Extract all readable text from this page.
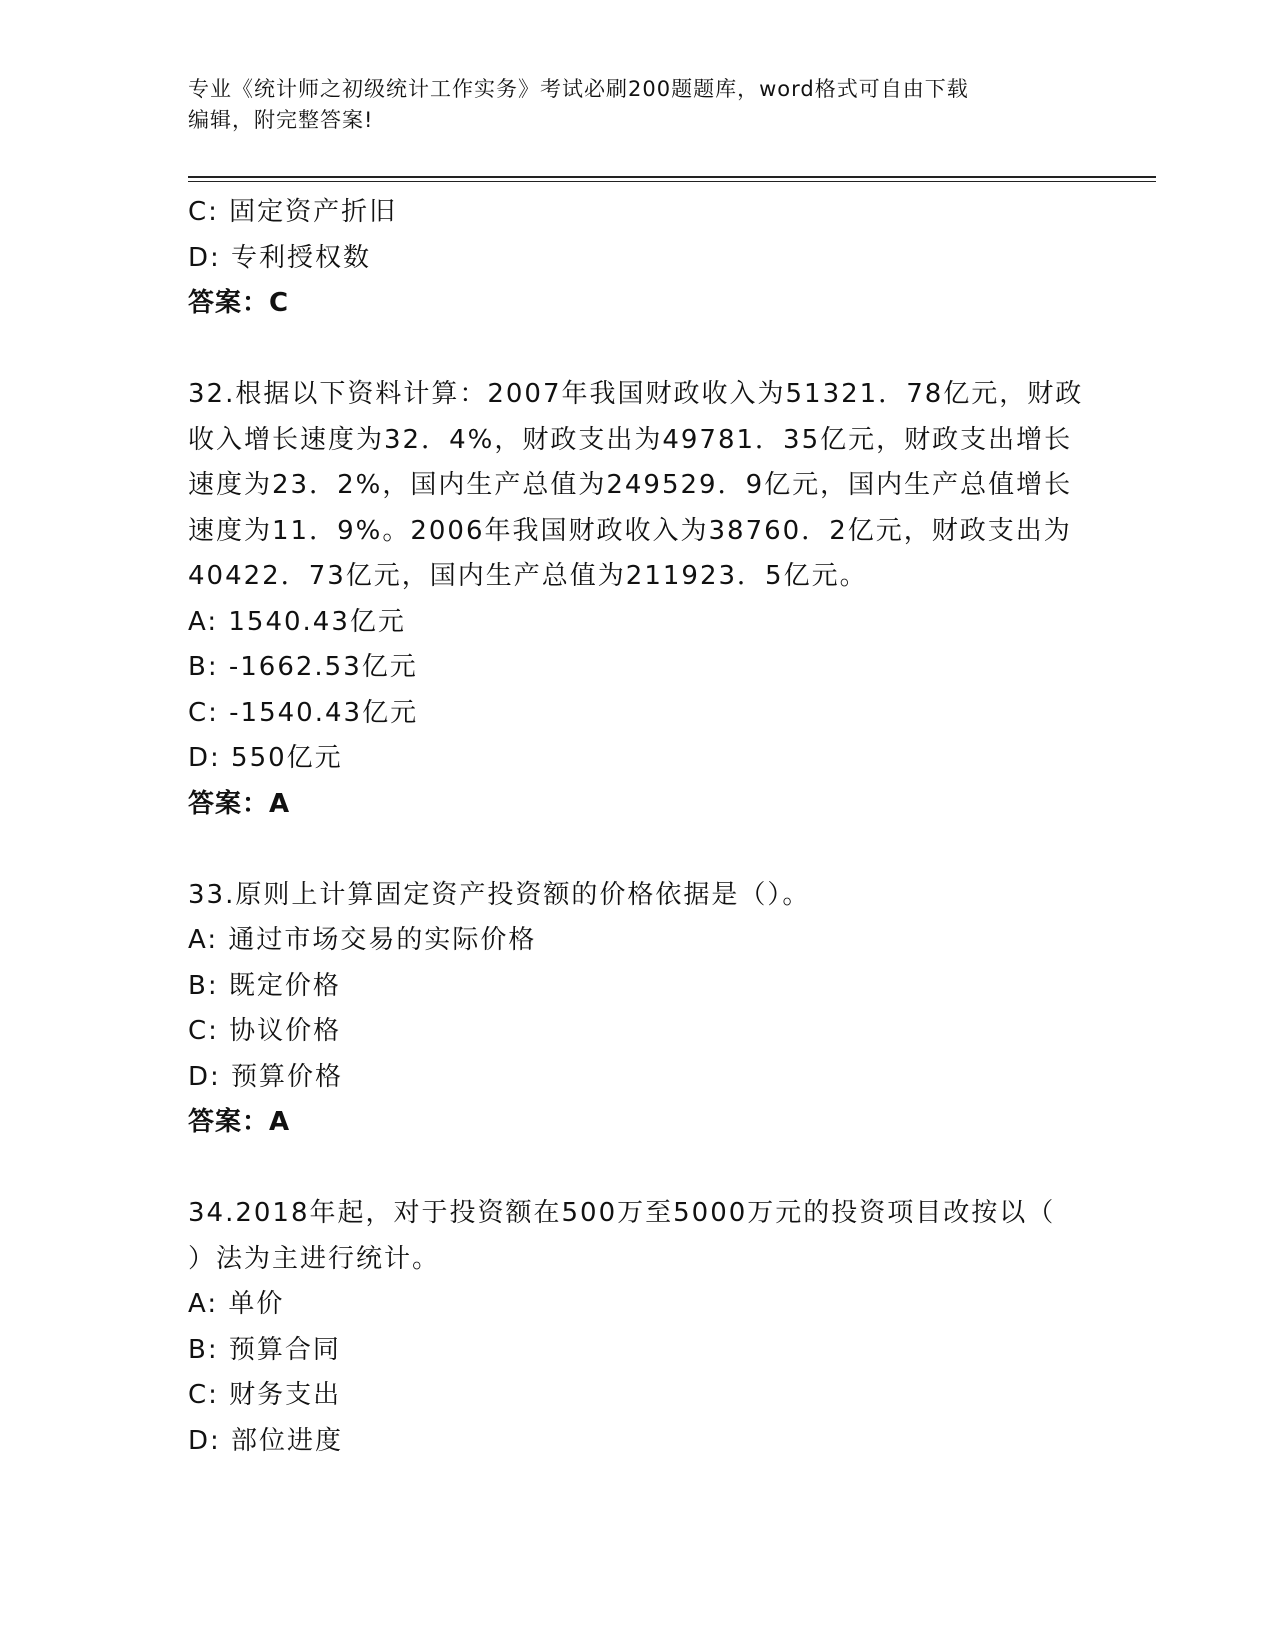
专业《统计师之初级统计工作实务》考试必刷200题题库，word格式可自由下载
编辑，附完整答案!
C: 固定资产折旧
D: 专利授权数
答案：C
32.根据以下资料计算：2007年我国财政收入为51321．78亿元，财政
收入增长速度为32．4%，财政支出为49781．35亿元，财政支出增长
速度为23．2%，国内生产总值为249529．9亿元，国内生产总值增长
速度为11．9%。2006年我国财政收入为38760．2亿元，财政支出为
40422．73亿元，国内生产总值为211923．5亿元。
A: 1540.43亿元
B: -1662.53亿元
C: -1540.43亿元
D: 550亿元
答案：A
33.原则上计算固定资产投资额的价格依据是（）。
A: 通过市场交易的实际价格
B: 既定价格
C: 协议价格
D: 预算价格
答案：A
34.2018年起，对于投资额在500万至5000万元的投资项目改按以（
）法为主进行统计。
A: 单价
B: 预算合同
C: 财务支出
D: 部位进度
